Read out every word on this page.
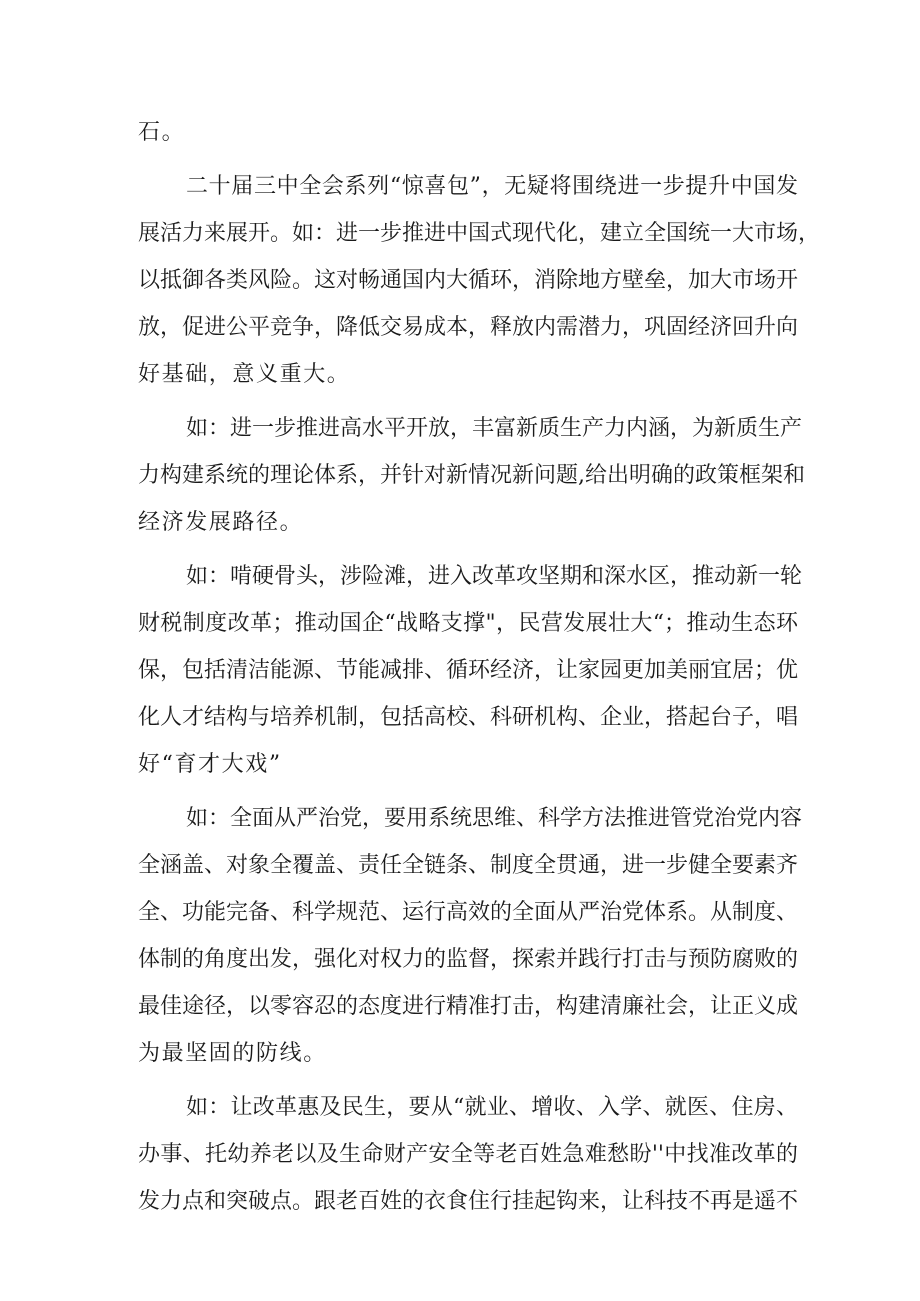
石。
二十届三中全会系列“惊喜包”，无疑将围绕进一步提升中国发
展活力来展开。如：进一步推进中国式现代化，建立全国统一大市场，
以抵御各类风险。这对畅通国内大循环，消除地方壁垒，加大市场开
放，促进公平竞争，降低交易成本，释放内需潜力，巩固经济回升向
好基础，意义重大。
如：进一步推进高水平开放，丰富新质生产力内涵，为新质生产
力构建系统的理论体系，并针对新情况新问题,给出明确的政策框架和
经济发展路径。
如：啃硬骨头，涉险滩，进入改革攻坚期和深水区，推动新一轮
财税制度改革；推动国企“战略支撑"，民营发展壮大“；推动生态环
保，包括清洁能源、节能减排、循环经济，让家园更加美丽宜居；优
化人才结构与培养机制，包括高校、科研机构、企业，搭起台子，唱
好“育才大戏”
如：全面从严治党，要用系统思维、科学方法推进管党治党内容
全涵盖、对象全覆盖、责任全链条、制度全贯通，进一步健全要素齐
全、功能完备、科学规范、运行高效的全面从严治党体系。从制度、
体制的角度出发，强化对权力的监督，探索并践行打击与预防腐败的
最佳途径，以零容忍的态度进行精准打击，构建清廉社会，让正义成
为最坚固的防线。
如：让改革惠及民生，要从“就业、增收、入学、就医、住房、
办事、托幼养老以及生命财产安全等老百姓急难愁盼''中找准改革的
发力点和突破点。跟老百姓的衣食住行挂起钩来，让科技不再是遥不
